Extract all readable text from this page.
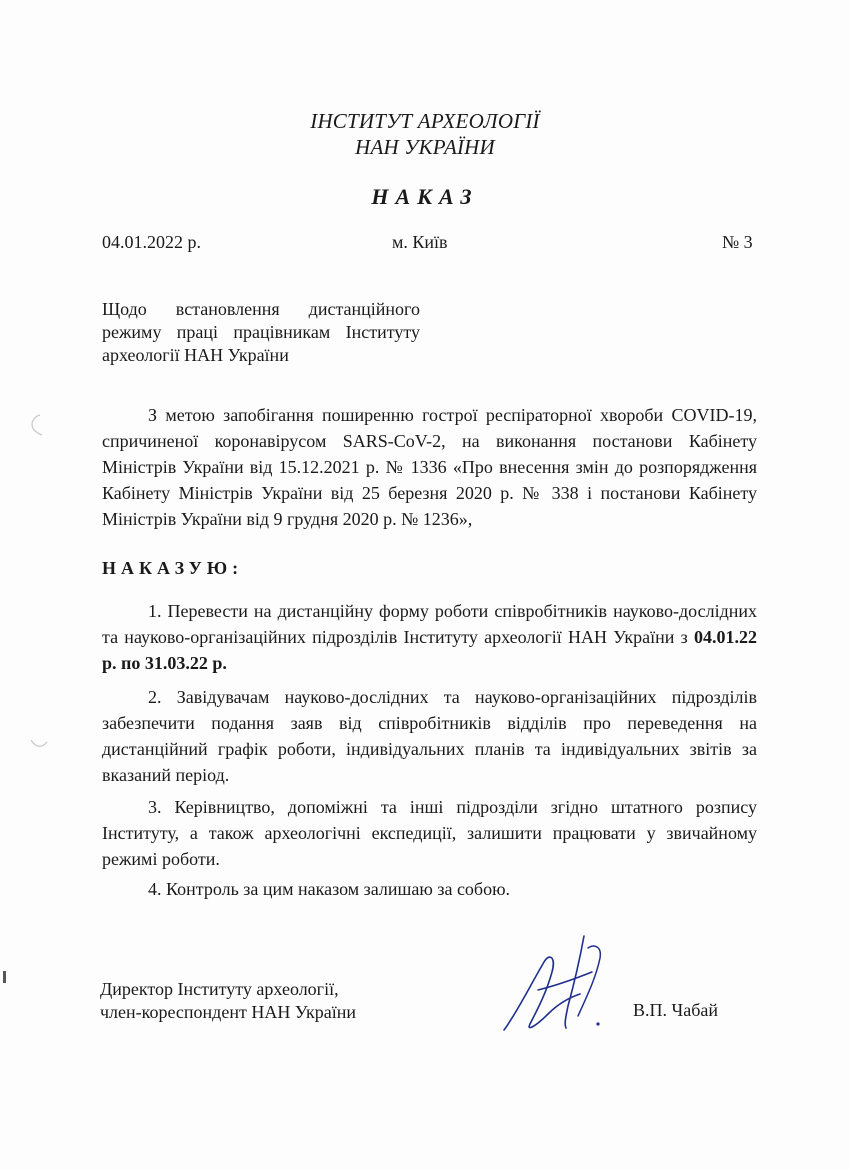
ІНСТИТУТ АРХЕОЛОГІЇ
НАН УКРАЇНИ
НАКАЗ
04.01.2022 р.	м. Київ	№ 3
Щодо встановлення дистанційного режиму праці працівникам Інституту археології НАН України
З метою запобігання поширенню гострої респіраторної хвороби COVID-19, спричиненої коронавірусом SARS-CoV-2, на виконання постанови Кабінету Міністрів України від 15.12.2021 р. № 1336 «Про внесення змін до розпорядження Кабінету Міністрів України від 25 березня 2020 р. № 338 і постанови Кабінету Міністрів України від 9 грудня 2020 р. № 1236»,
НАКАЗУЮ:
1. Перевести на дистанційну форму роботи співробітників науково-дослідних та науково-організаційних підрозділів Інституту археології НАН України з 04.01.22 р. по 31.03.22 р.
2. Завідувачам науково-дослідних та науково-організаційних підрозділів забезпечити подання заяв від співробітників відділів про переведення на дистанційний графік роботи, індивідуальних планів та індивідуальних звітів за вказаний період.
3. Керівництво, допоміжні та інші підрозділи згідно штатного розпису Інституту, а також археологічні експедиції, залишити працювати у звичайному режимі роботи.
4. Контроль за цим наказом залишаю за собою.
Директор Інституту археології,
член-кореспондент НАН України	В.П. Чабай
